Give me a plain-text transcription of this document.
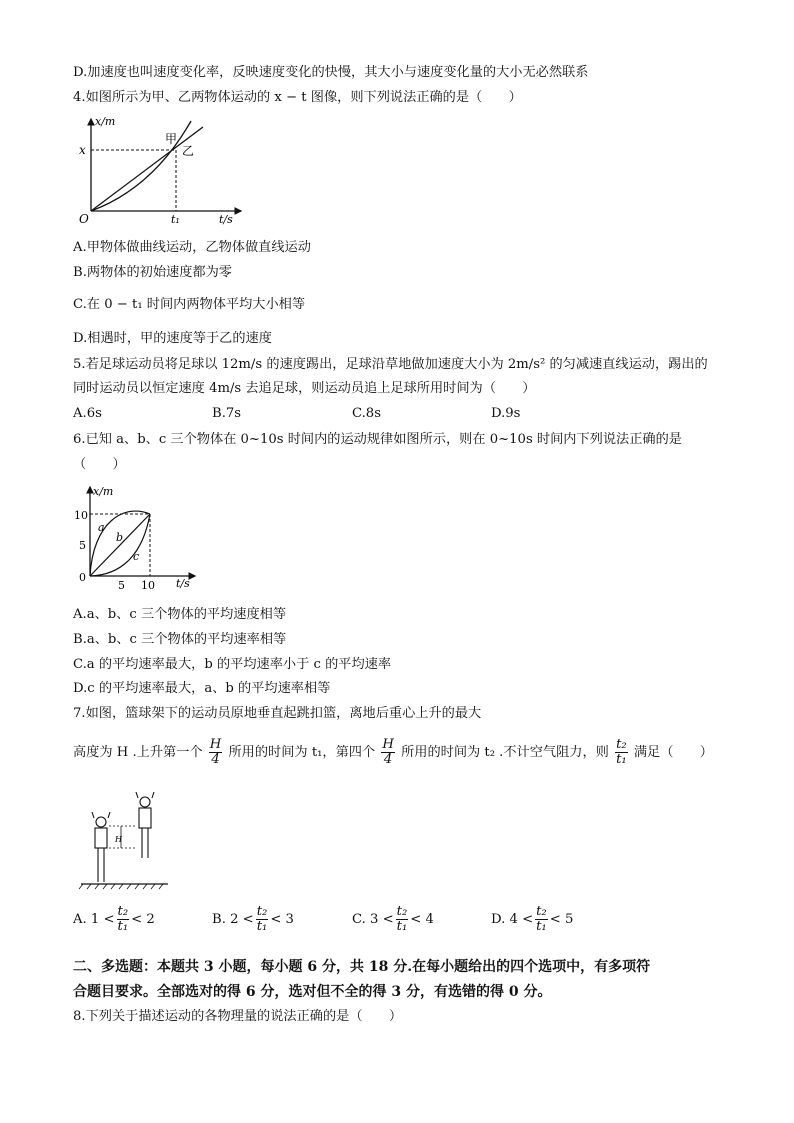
D.加速度也叫速度变化率，反映速度变化的快慢，其大小与速度变化量的大小无必然联系
4.如图所示为甲、乙两物体运动的 x − t 图像，则下列说法正确的是（　　）
x/m
t/s
O
x
t₁
甲
乙
A.甲物体做曲线运动，乙物体做直线运动
B.两物体的初始速度都为零
C.在 0 − t₁ 时间内两物体平均大小相等
D.相遇时，甲的速度等于乙的速度
5.若足球运动员将足球以 12m/s 的速度踢出，足球沿草地做加速度大小为 2m/s² 的匀减速直线运动，踢出的
同时运动员以恒定速度 4m/s 去追足球，则运动员追上足球所用时间为（　　）
A.6s	B.7s	C.8s	D.9s
6.已知 a、b、c 三个物体在 0~10s 时间内的运动规律如图所示，则在 0~10s 时间内下列说法正确的是
（　　）
x/m
t/s
10
5
0
5 10
a
b
c
A.a、b、c 三个物体的平均速度相等
B.a、b、c 三个物体的平均速率相等
C.a 的平均速率最大，b 的平均速率小于 c 的平均速率
D.c 的平均速率最大，a、b 的平均速率相等
7.如图，篮球架下的运动员原地垂直起跳扣篮，离地后重心上升的最大
高度为 H .上升第一个 $\frac{H}{4}$ 所用的时间为 t₁，第四个 $\frac{H}{4}$ 所用的时间为 t₂ .不计空气阻力，则 $\frac{\text{t₂}}{\text{t₁}}$ 满足（　　）
H
A. $1 < \frac{\text{t₂}}{\text{t₁}} < 2$	B. $2 < \frac{\text{t₂}}{\text{t₁}} < 3$	C. $3 < \frac{\text{t₂}}{\text{t₁}} < 4$	D. $4 < \frac{\text{t₂}}{\text{t₁}} < 5$
二、多选题：本题共 3 小题，每小题 6 分，共 18 分.在每小题给出的四个选项中，有多项符
合题目要求。全部选对的得 6 分，选对但不全的得 3 分，有选错的得 0 分。
8.下列关于描述运动的各物理量的说法正确的是（　　）
